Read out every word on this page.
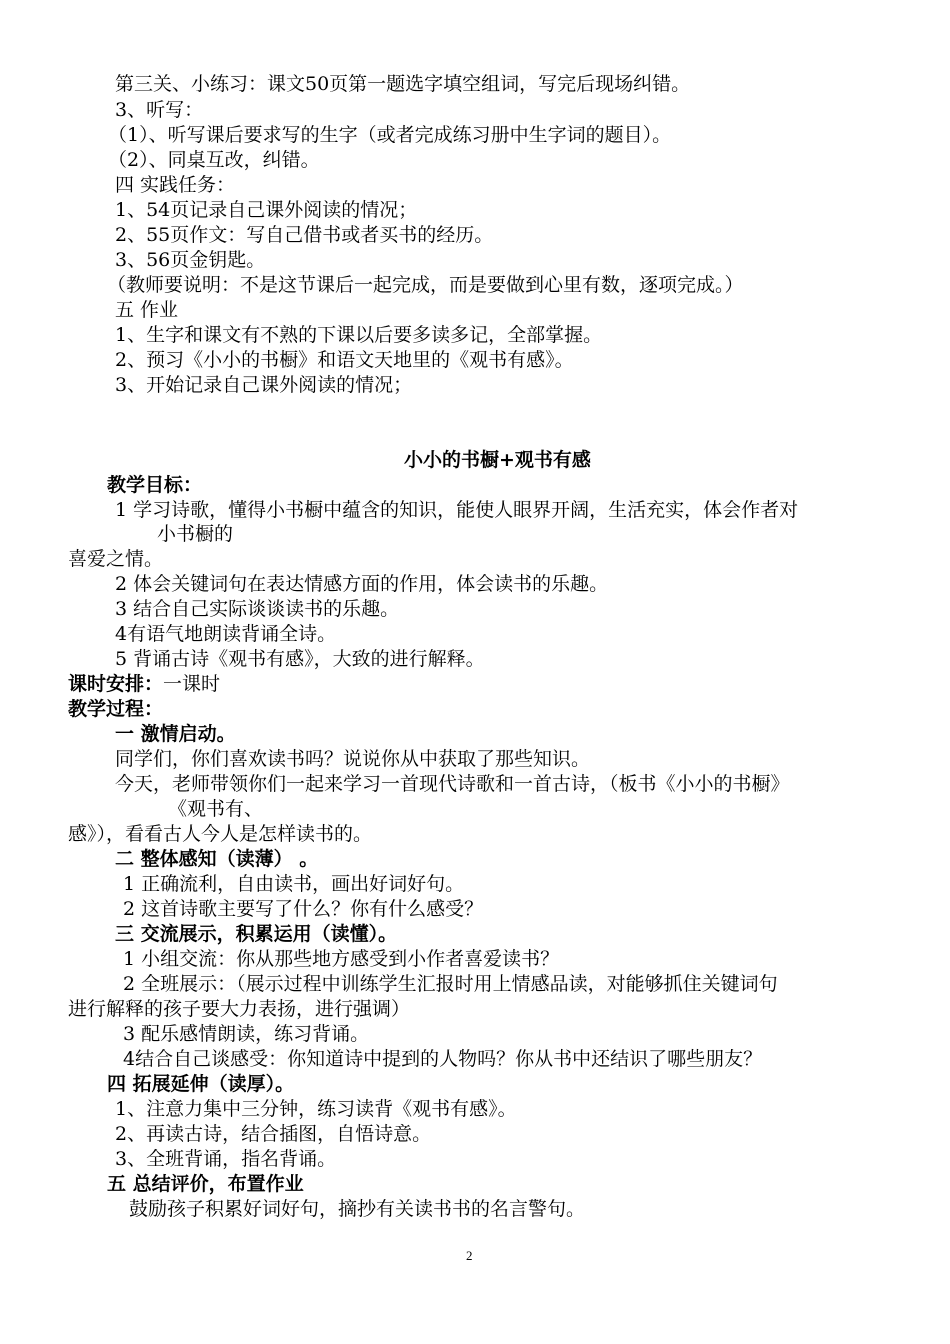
第三关、小练习：课文50页第一题选字填空组词，写完后现场纠错。
3、听写：
（1）、听写课后要求写的生字（或者完成练习册中生字词的题目）。
（2）、同桌互改，纠错。
四 实践任务：
1、54页记录自己课外阅读的情况；
2、55页作文：写自己借书或者买书的经历。
3、56页金钥匙。
（教师要说明：不是这节课后一起完成，而是要做到心里有数，逐项完成。）
五 作业
1、生字和课文有不熟的下课以后要多读多记，全部掌握。
2、预习《小小的书橱》和语文天地里的《观书有感》。
3、开始记录自己课外阅读的情况；
小小的书橱+观书有感
教学目标：
1 学习诗歌，懂得小书橱中蕴含的知识，能使人眼界开阔，生活充实，体会作者对
小书橱的
喜爱之情。
2 体会关键词句在表达情感方面的作用，体会读书的乐趣。
3 结合自己实际谈谈读书的乐趣。
4有语气地朗读背诵全诗。
5 背诵古诗《观书有感》，大致的进行解释。
课时安排：一课时
教学过程：
一 激情启动。
同学们，你们喜欢读书吗？说说你从中获取了那些知识。
今天，老师带领你们一起来学习一首现代诗歌和一首古诗，（板书《小小的书橱》
《观书有、
感》），看看古人今人是怎样读书的。
二 整体感知（读薄） 。
1 正确流利，自由读书，画出好词好句。
2 这首诗歌主要写了什么？你有什么感受？
三 交流展示，积累运用（读懂）。
1 小组交流：你从那些地方感受到小作者喜爱读书？
2 全班展示：（展示过程中训练学生汇报时用上情感品读，对能够抓住关键词句
进行解释的孩子要大力表扬，进行强调）
3 配乐感情朗读，练习背诵。
4结合自己谈感受：你知道诗中提到的人物吗？你从书中还结识了哪些朋友？
四 拓展延伸（读厚）。
1、注意力集中三分钟，练习读背《观书有感》。
2、再读古诗，结合插图，自悟诗意。
3、全班背诵，指名背诵。
五 总结评价，布置作业
鼓励孩子积累好词好句，摘抄有关读书书的名言警句。
2
